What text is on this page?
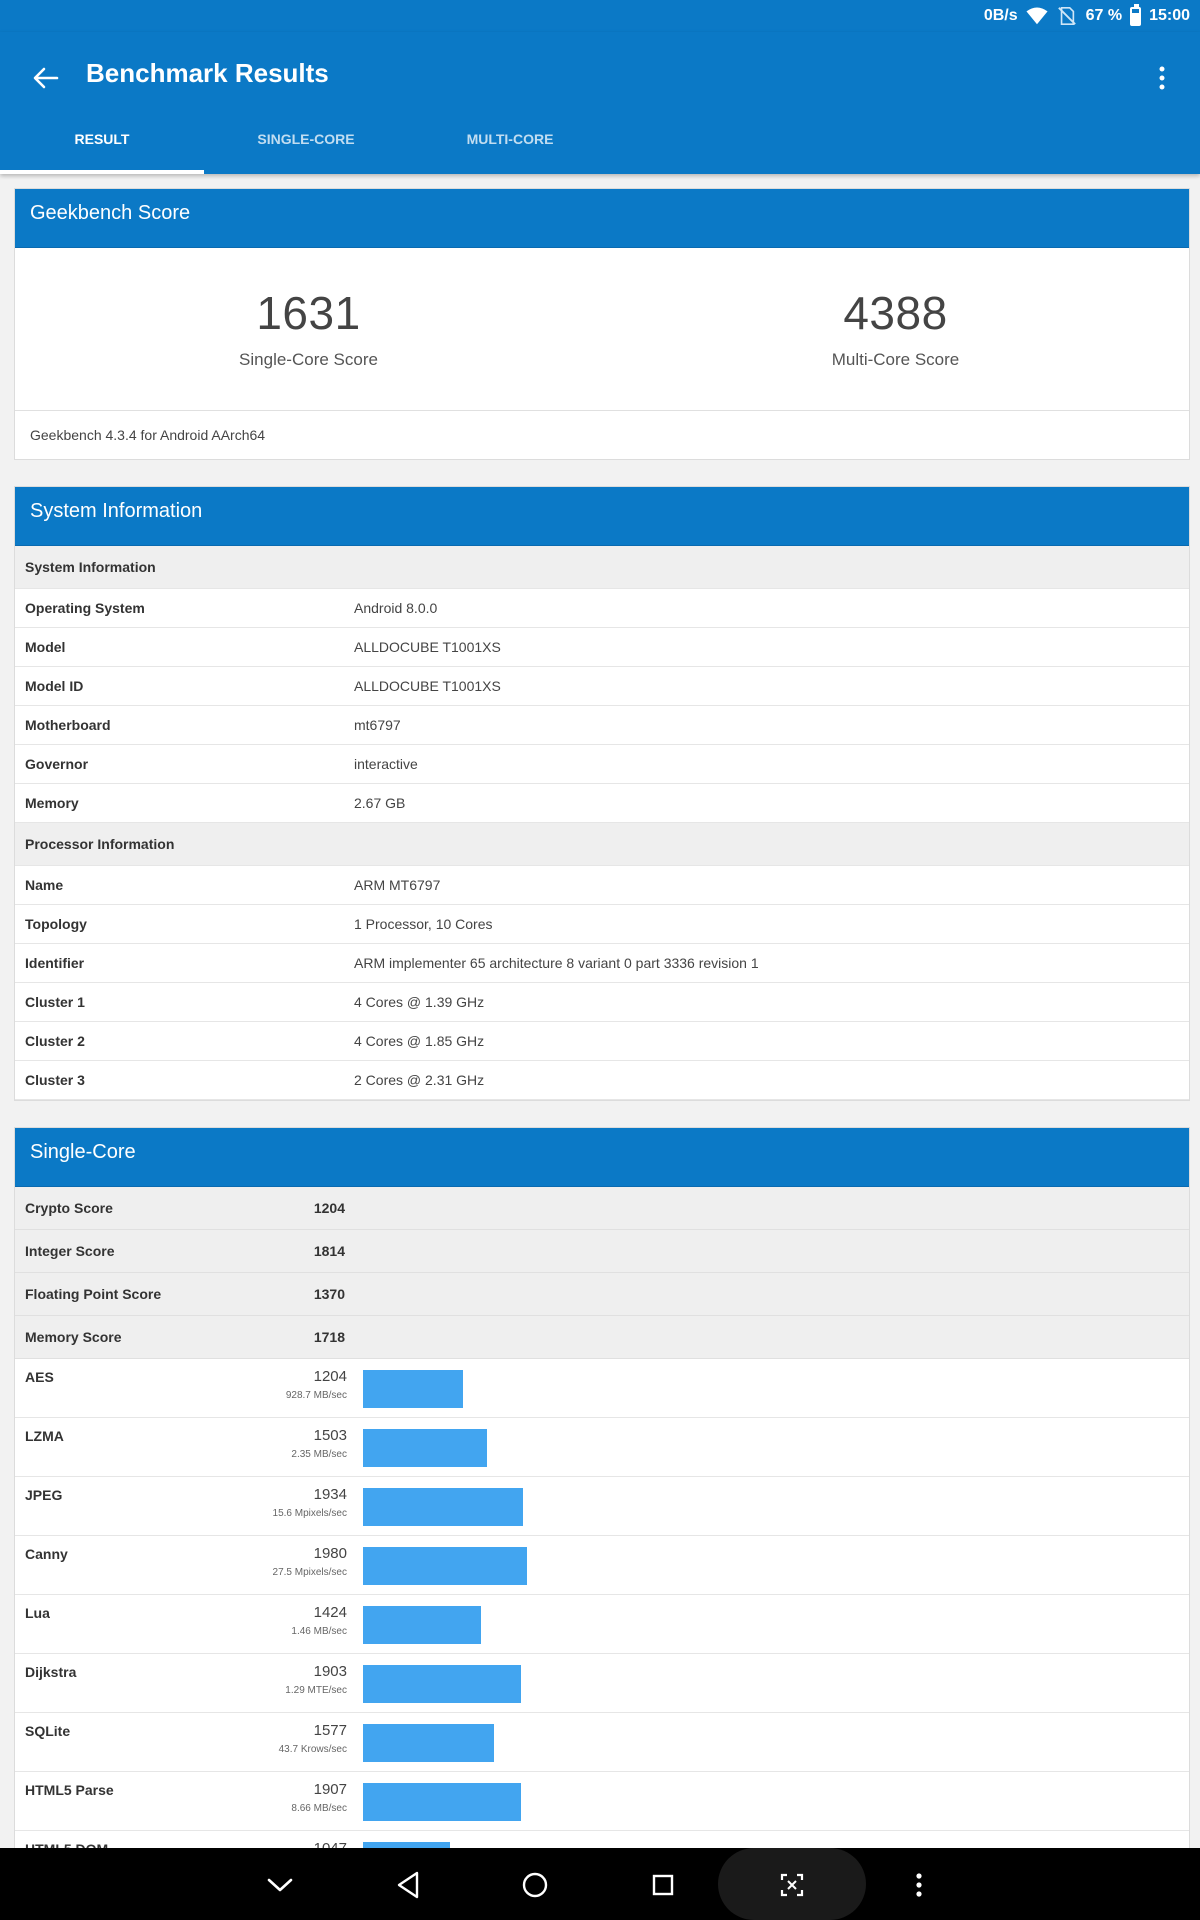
0B/s	67 % 15:00
Benchmark Results
RESULT	SINGLE-CORE	MULTI-CORE
Geekbench Score
1631
Single-Core Score
4388
Multi-Core Score
Geekbench 4.3.4 for Android AArch64
System Information
System Information
Operating System	Android 8.0.0
Model	ALLDOCUBE T1001XS
Model ID	ALLDOCUBE T1001XS
Motherboard	mt6797
Governor	interactive
Memory	2.67 GB
Processor Information
Name	ARM MT6797
Topology	1 Processor, 10 Cores
Identifier	ARM implementer 65 architecture 8 variant 0 part 3336 revision 1
Cluster 1	4 Cores @ 1.39 GHz
Cluster 2	4 Cores @ 1.85 GHz
Cluster 3	2 Cores @ 2.31 GHz
Single-Core
Crypto Score	1204
Integer Score	1814
Floating Point Score	1370
Memory Score	1718
AES	1204
928.7 MB/sec
LZMA	1503
2.35 MB/sec
JPEG	1934
15.6 Mpixels/sec
Canny	1980
27.5 Mpixels/sec
Lua	1424
1.46 MB/sec
Dijkstra	1903
1.29 MTE/sec
SQLite	1577
43.7 Krows/sec
HTML5 Parse	1907
8.66 MB/sec
